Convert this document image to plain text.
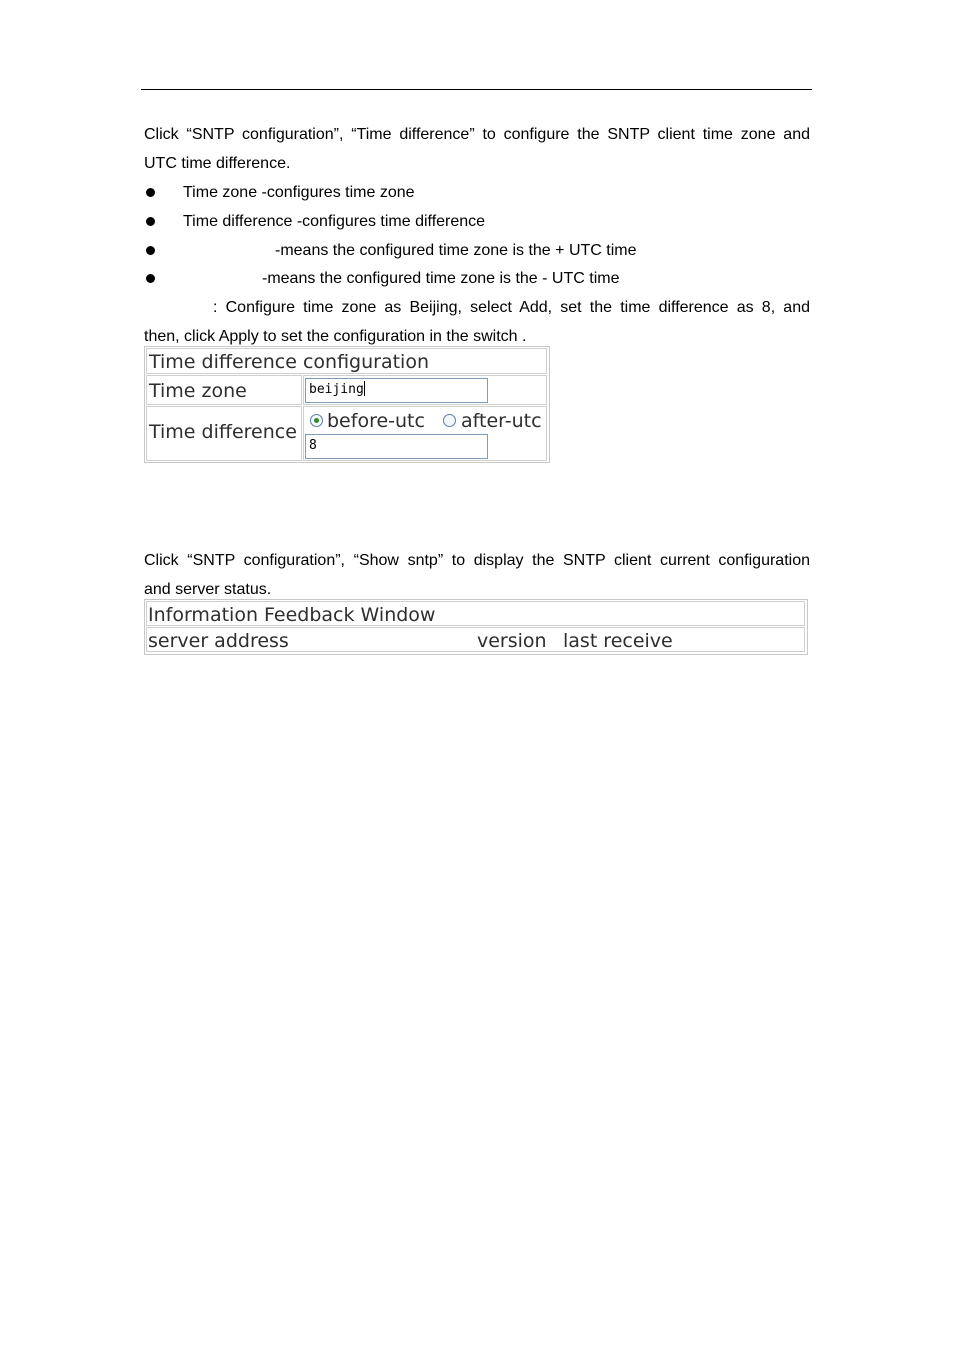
Click “SNTP configuration”, “Time difference” to configure the SNTP client time zone and
UTC time difference.
Time zone -configures time zone
Time difference -configures time difference
-means the configured time zone is the + UTC time
-means the configured time zone is the - UTC time
: Configure time zone as Beijing, select Add, set the time difference as 8, and
then, click Apply to set the configuration in the switch .
Time difference configuration
Time zone	beijing
Time difference before-utc after-utc
8
Click “SNTP configuration”, “Show sntp” to display the SNTP client current configuration
and server status.
Information Feedback Window
server address	version last receive
